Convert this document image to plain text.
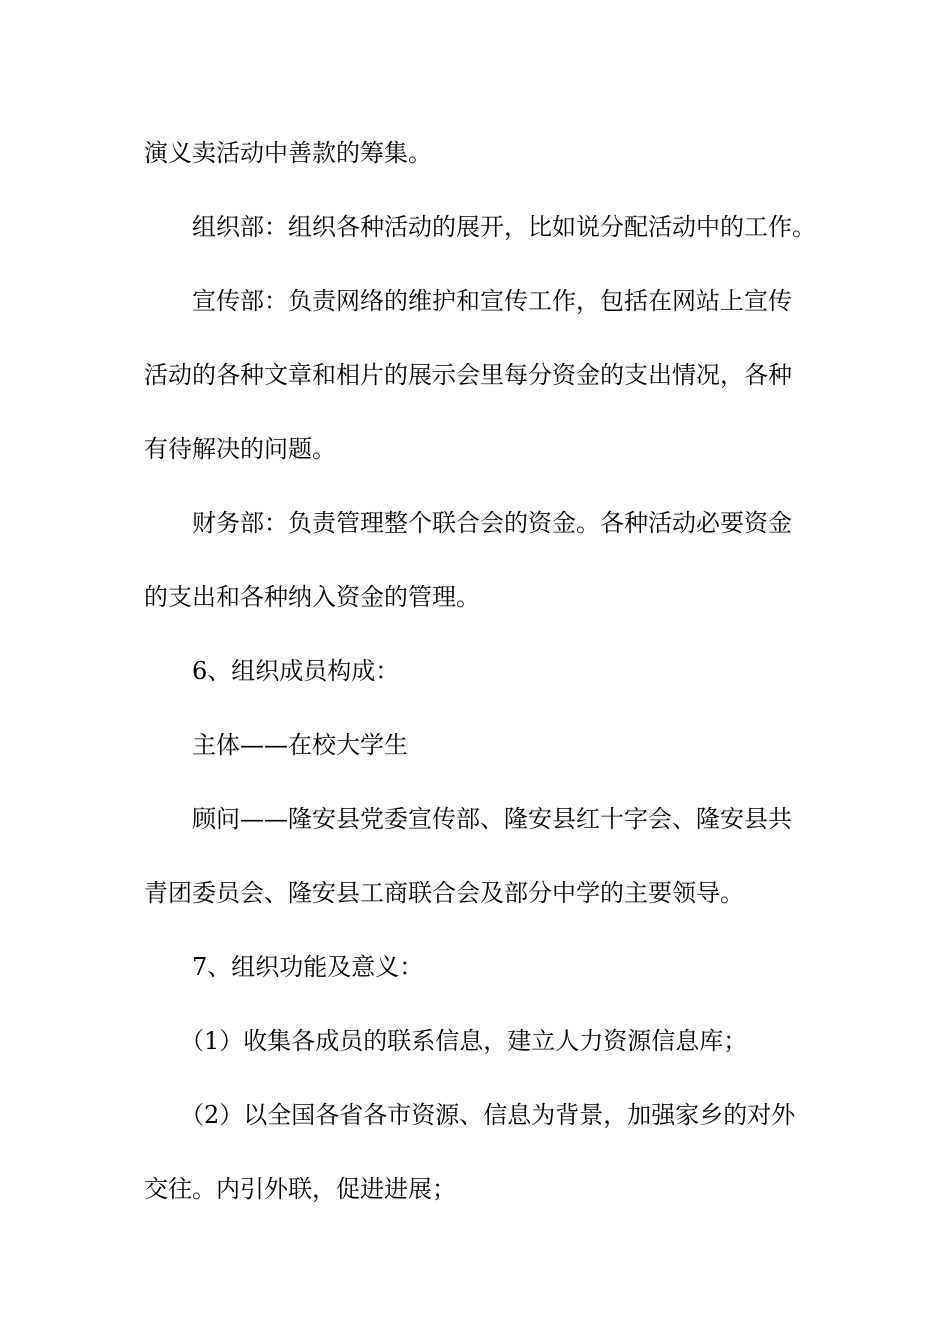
演义卖活动中善款的筹集。
组织部：组织各种活动的展开，比如说分配活动中的工作。
宣传部：负责网络的维护和宣传工作，包括在网站上宣传
活动的各种文章和相片的展示会里每分资金的支出情况，各种
有待解决的问题。
财务部：负责管理整个联合会的资金。各种活动必要资金
的支出和各种纳入资金的管理。
6、组织成员构成：
主体——在校大学生
顾问——隆安县党委宣传部、隆安县红十字会、隆安县共
青团委员会、隆安县工商联合会及部分中学的主要领导。
7、组织功能及意义：
（1）收集各成员的联系信息，建立人力资源信息库；
（2）以全国各省各市资源、信息为背景，加强家乡的对外
交往。内引外联，促进进展；
